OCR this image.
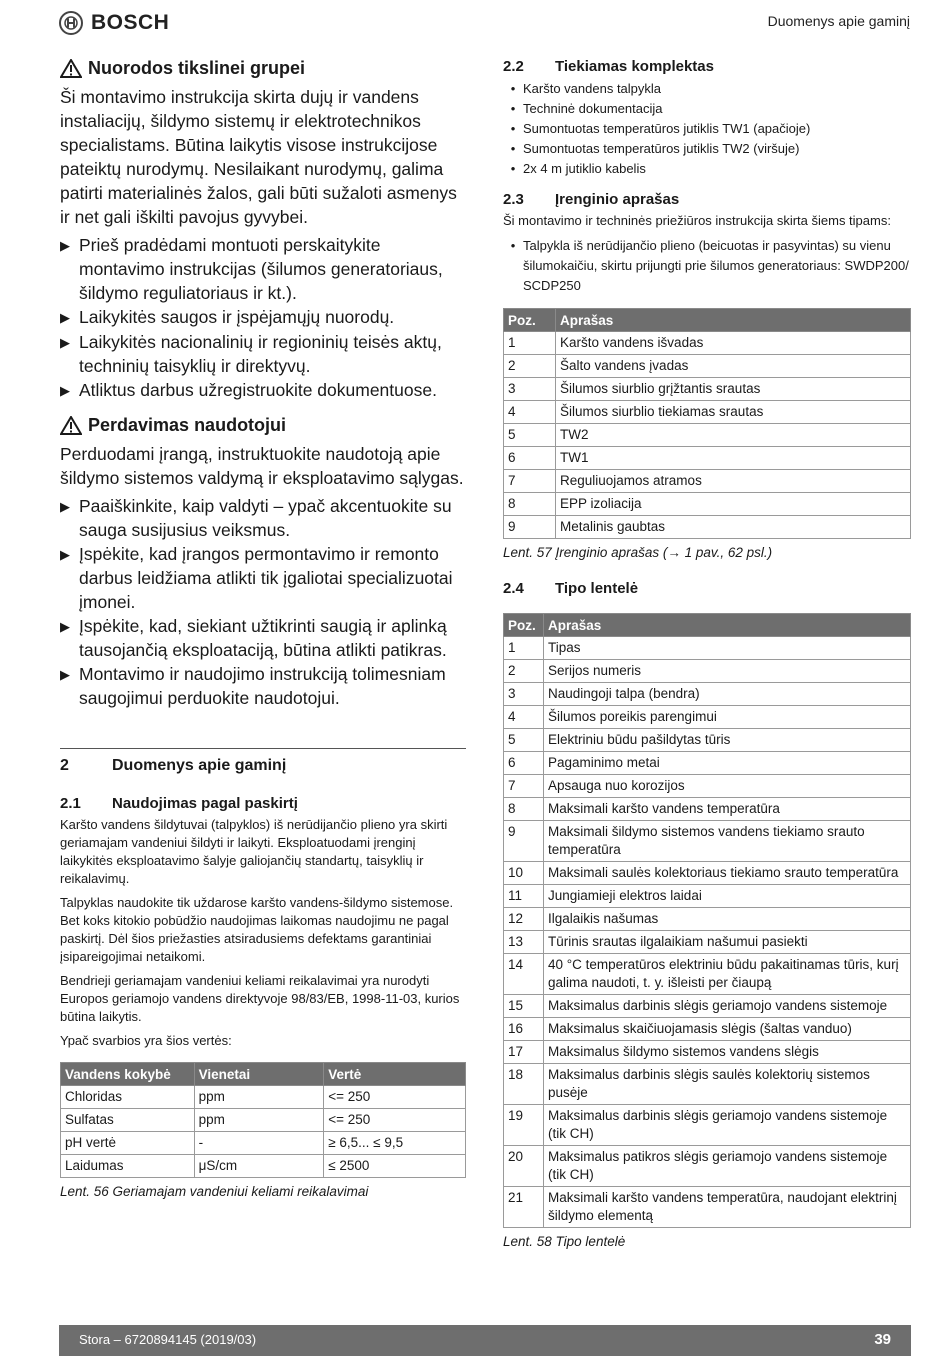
BOSCH	Duomenys apie gaminį
Nuorodos tikslinei grupei

Ši montavimo instrukcija skirta dujų ir vandens instaliacijų, šildymo sistemų ir elektrotechnikos specialistams. Būtina laikytis visose instrukcijose pateiktų nurodymų. Nesilaikant nurodymų, galima patirti materialinės žalos, gali būti sužaloti asmenys ir net gali iškilti pavojus gyvybei.

▶ Prieš pradėdami montuoti perskaitykite montavimo instrukcijas (šilumos generatoriaus, šildymo reguliatoriaus ir kt.).
▶ Laikykitės saugos ir įspėjamųjų nuorodų.
▶ Laikykitės nacionalinių ir regioninių teisės aktų, techninių taisyklių ir direktyvų.
▶ Atliktus darbus užregistruokite dokumentuose.
Perdavimas naudotojui

Perduodami įrangą, instruktuokite naudotoją apie šildymo sistemos valdymą ir eksploatavimo sąlygas.

▶ Paaiškinkite, kaip valdyti – ypač akcentuokite su sauga susijusius veiksmus.
▶ Įspėkite, kad įrangos permontavimo ir remonto darbus leidžiama atlikti tik įgaliotai specializuotai įmonei.
▶ Įspėkite, kad, siekiant užtikrinti saugią ir aplinką tausojančią eksploataciją, būtina atlikti patikras.
▶ Montavimo ir naudojimo instrukciją tolimesniam saugojimui perduokite naudotojui.
2	Duomenys apie gaminį
2.1	Naudojimas pagal paskirtį

Karšto vandens šildytuvai (talpyklos) iš nerūdijančio plieno yra skirti geriamajam vandeniui šildyti ir laikyti. Eksploatuodami įrenginį laikykitės eksploatavimo šalyje galiojančių standartų, taisyklių ir reikalavimų.

Talpyklas naudokite tik uždarose karšto vandens-šildymo sistemose. Bet koks kitokio pobūdžio naudojimas laikomas naudojimu ne pagal paskirtį. Dėl šios priežasties atsiradusiems defektams garantiniai įsipareigojimai netaikomi.

Bendrieji geriamajam vandeniui keliami reikalavimai yra nurodyti Europos geriamojo vandens direktyvoje 98/83/EB, 1998-11-03, kurios būtina laikytis.

Ypač svarbios yra šios vertės:

Vandens kokybė	Vienetai	Vertė
Chloridas	ppm	<= 250
Sulfatas	ppm	<= 250
pH vertė	-	≥ 6,5... ≤ 9,5
Laidumas	μS/cm	≤ 2500
Lent. 56 Geriamajam vandeniui keliami reikalavimai
2.2	Tiekiamas komplektas
• Karšto vandens talpykla
• Techninė dokumentacija
• Sumontuotas temperatūros jutiklis TW1 (apačioje)
• Sumontuotas temperatūros jutiklis TW2 (viršuje)
• 2x 4 m jutiklio kabelis
2.3	Įrenginio aprašas

Ši montavimo ir techninės priežiūros instrukcija skirta šiems tipams:

• Talpykla iš nerūdijančio plieno (beicuotas ir pasyvintas) su vienu šilumokaičiu, skirtu prijungti prie šilumos generatoriaus: SWDP200/ SCDP250
Poz.	Aprašas
1	Karšto vandens išvadas
2	Šalto vandens įvadas
3	Šilumos siurblio grįžtantis srautas
4	Šilumos siurblio tiekiamas srautas
5	TW2
6	TW1
7	Reguliuojamos atramos
8	EPP izoliacija
9	Metalinis gaubtas
Lent. 57 Įrenginio aprašas (→ 1 pav., 62 psl.)
2.4	Tipo lentelė
Poz.	Aprašas
1	Tipas
2	Serijos numeris
3	Naudingoji talpa (bendra)
4	Šilumos poreikis parengimui
5	Elektriniu būdu pašildytas tūris
6	Pagaminimo metai
7	Apsauga nuo korozijos
8	Maksimali karšto vandens temperatūra
9	Maksimali šildymo sistemos vandens tiekiamo srauto temperatūra
10	Maksimali saulės kolektoriaus tiekiamo srauto temperatūra
11	Jungiamieji elektros laidai
12	Ilgalaikis našumas
13	Tūrinis srautas ilgalaikiam našumui pasiekti
14	40 °C temperatūros elektriniu būdu pakaitinamas tūris, kurį galima naudoti, t. y. išleisti per čiaupą
15	Maksimalus darbinis slėgis geriamojo vandens sistemoje
16	Maksimalus skaičiuojamasis slėgis (šaltas vanduo)
17	Maksimalus šildymo sistemos vandens slėgis
18	Maksimalus darbinis slėgis saulės kolektorių sistemos pusėje
19	Maksimalus darbinis slėgis geriamojo vandens sistemoje (tik CH)
20	Maksimalus patikros slėgis geriamojo vandens sistemoje (tik CH)
21	Maksimali karšto vandens temperatūra, naudojant elektrinį šildymo elementą
Lent. 58 Tipo lentelė
Stora – 6720894145 (2019/03)	39
